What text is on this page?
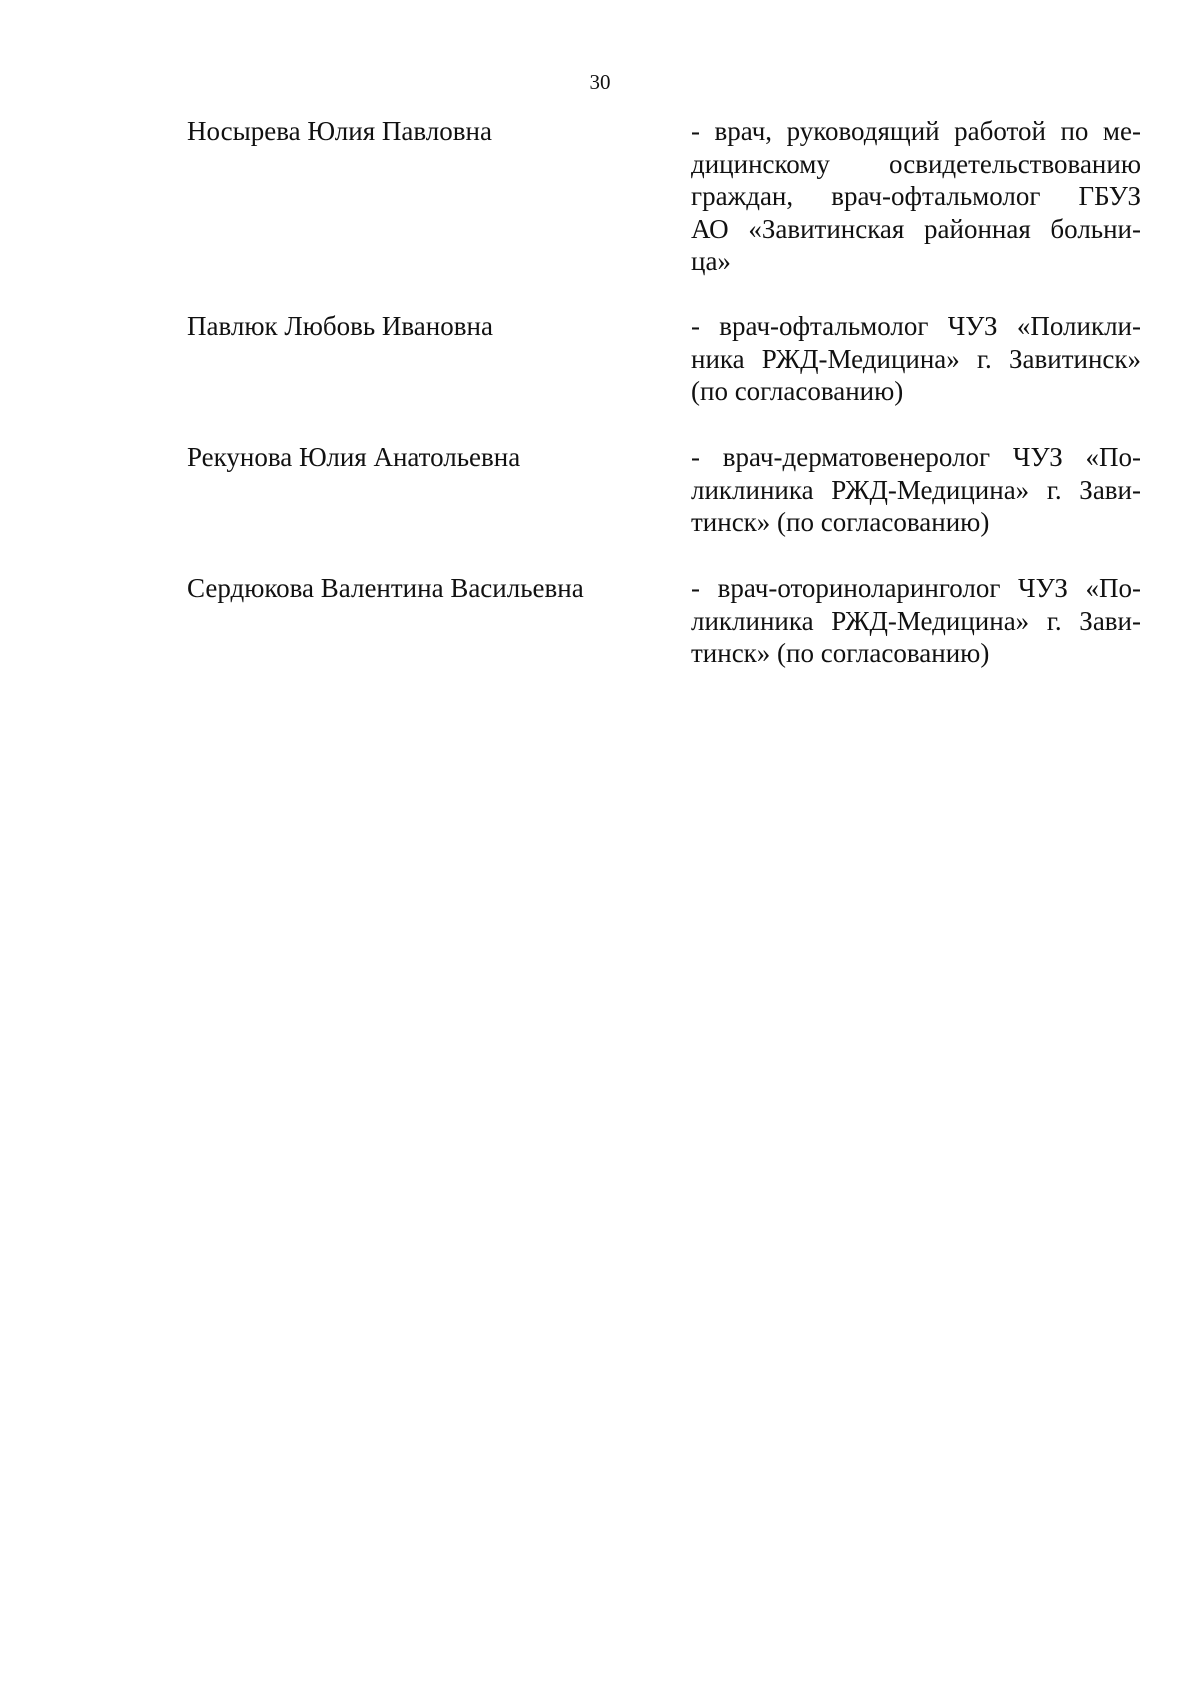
30
Носырева Юлия Павловна	- врач, руководящий работой по ме-
дицинскому освидетельствованию
граждан, врач-офтальмолог ГБУЗ
АО «Завитинская районная больни-
ца»
Павлюк Любовь Ивановна	- врач-офтальмолог ЧУЗ «Поликли-
ника РЖД-Медицина» г. Завитинск»
(по согласованию)
Рекунова Юлия Анатольевна	- врач-дерматовенеролог ЧУЗ «По-
ликлиника РЖД-Медицина» г. Зави-
тинск» (по согласованию)
Сердюкова Валентина Васильевна	- врач-оториноларинголог ЧУЗ «По-
ликлиника РЖД-Медицина» г. Зави-
тинск» (по согласованию)
